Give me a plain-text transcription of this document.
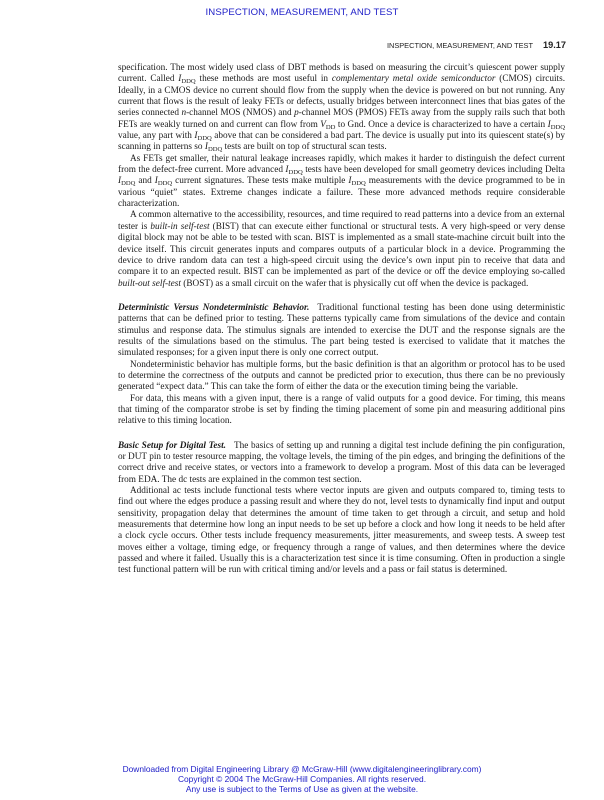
INSPECTION, MEASUREMENT, AND TEST
INSPECTION, MEASUREMENT, AND TEST 19.17

specification. The most widely used class of DBT methods is based on measuring the circuit’s quiescent power supply current. Called $I_{DDQ}$ these methods are most useful in complementary metal oxide semiconductor (CMOS) circuits. Ideally, in a CMOS device no current should flow from the supply when the device is powered on but not running. Any current that flows is the result of leaky FETs or defects, usually bridges between interconnect lines that bias gates of the series connected n-channel MOS (NMOS) and p-channel MOS (PMOS) FETs away from the supply rails such that both FETs are weakly turned on and current can flow from $V_{DD}$ to Gnd. Once a device is characterized to have a certain $I_{DDQ}$ value, any part with $I_{DDQ}$ above that can be considered a bad part. The device is usually put into its quiescent state(s) by scanning in patterns so $I_{DDQ}$ tests are built on top of structural scan tests.

As FETs get smaller, their natural leakage increases rapidly, which makes it harder to distinguish the defect current from the defect-free current. More advanced $I_{DDQ}$ tests have been developed for small geometry devices including Delta $I_{DDQ}$ and $I_{DDQ}$ current signatures. These tests make multiple $I_{DDQ}$ measurements with the device programmed to be in various “quiet” states. Extreme changes indicate a failure. These more advanced methods require considerable characterization.

A common alternative to the accessibility, resources, and time required to read patterns into a device from an external tester is built-in self-test (BIST) that can execute either functional or structural tests. A very high-speed or very dense digital block may not be able to be tested with scan. BIST is implemented as a small state-machine circuit built into the device itself. This circuit generates inputs and compares outputs of a particular block in a device. Programming the device to drive random data can test a high-speed circuit using the device’s own input pin to receive that data and compare it to an expected result. BIST can be implemented as part of the device or off the device employing so-called built-out self-test (BOST) as a small circuit on the wafer that is physically cut off when the device is packaged.

Deterministic Versus Nondeterministic Behavior. Traditional functional testing has been done using deterministic patterns that can be defined prior to testing. These patterns typically came from simulations of the device and contain stimulus and response data. The stimulus signals are intended to exercise the DUT and the response signals are the results of the simulations based on the stimulus. The part being tested is exercised to validate that it matches the simulated responses; for a given input there is only one correct output.

Nondeterministic behavior has multiple forms, but the basic definition is that an algorithm or protocol has to be used to determine the correctness of the outputs and cannot be predicted prior to execution, thus there can be no previously generated “expect data.” This can take the form of either the data or the execution timing being the variable.

For data, this means with a given input, there is a range of valid outputs for a good device. For timing, this means that timing of the comparator strobe is set by finding the timing placement of some pin and measuring additional pins relative to this timing location.

Basic Setup for Digital Test. The basics of setting up and running a digital test include defining the pin configuration, or DUT pin to tester resource mapping, the voltage levels, the timing of the pin edges, and bringing the definitions of the correct drive and receive states, or vectors into a framework to develop a program. Most of this data can be leveraged from EDA. The dc tests are explained in the common test section.

Additional ac tests include functional tests where vector inputs are given and outputs compared to, timing tests to find out where the edges produce a passing result and where they do not, level tests to dynamically find input and output sensitivity, propagation delay that determines the amount of time taken to get through a circuit, and setup and hold measurements that determine how long an input needs to be set up before a clock and how long it needs to be held after a clock cycle occurs. Other tests include frequency measurements, jitter measurements, and sweep tests. A sweep test moves either a voltage, timing edge, or frequency through a range of values, and then determines where the device passed and where it failed. Usually this is a characterization test since it is time consuming. Often in production a single test functional pattern will be run with critical timing and/or levels and a pass or fail status is determined.

Downloaded from Digital Engineering Library @ McGraw-Hill (www.digitalengineeringlibrary.com)
Copyright © 2004 The McGraw-Hill Companies. All rights reserved.
Any use is subject to the Terms of Use as given at the website.
